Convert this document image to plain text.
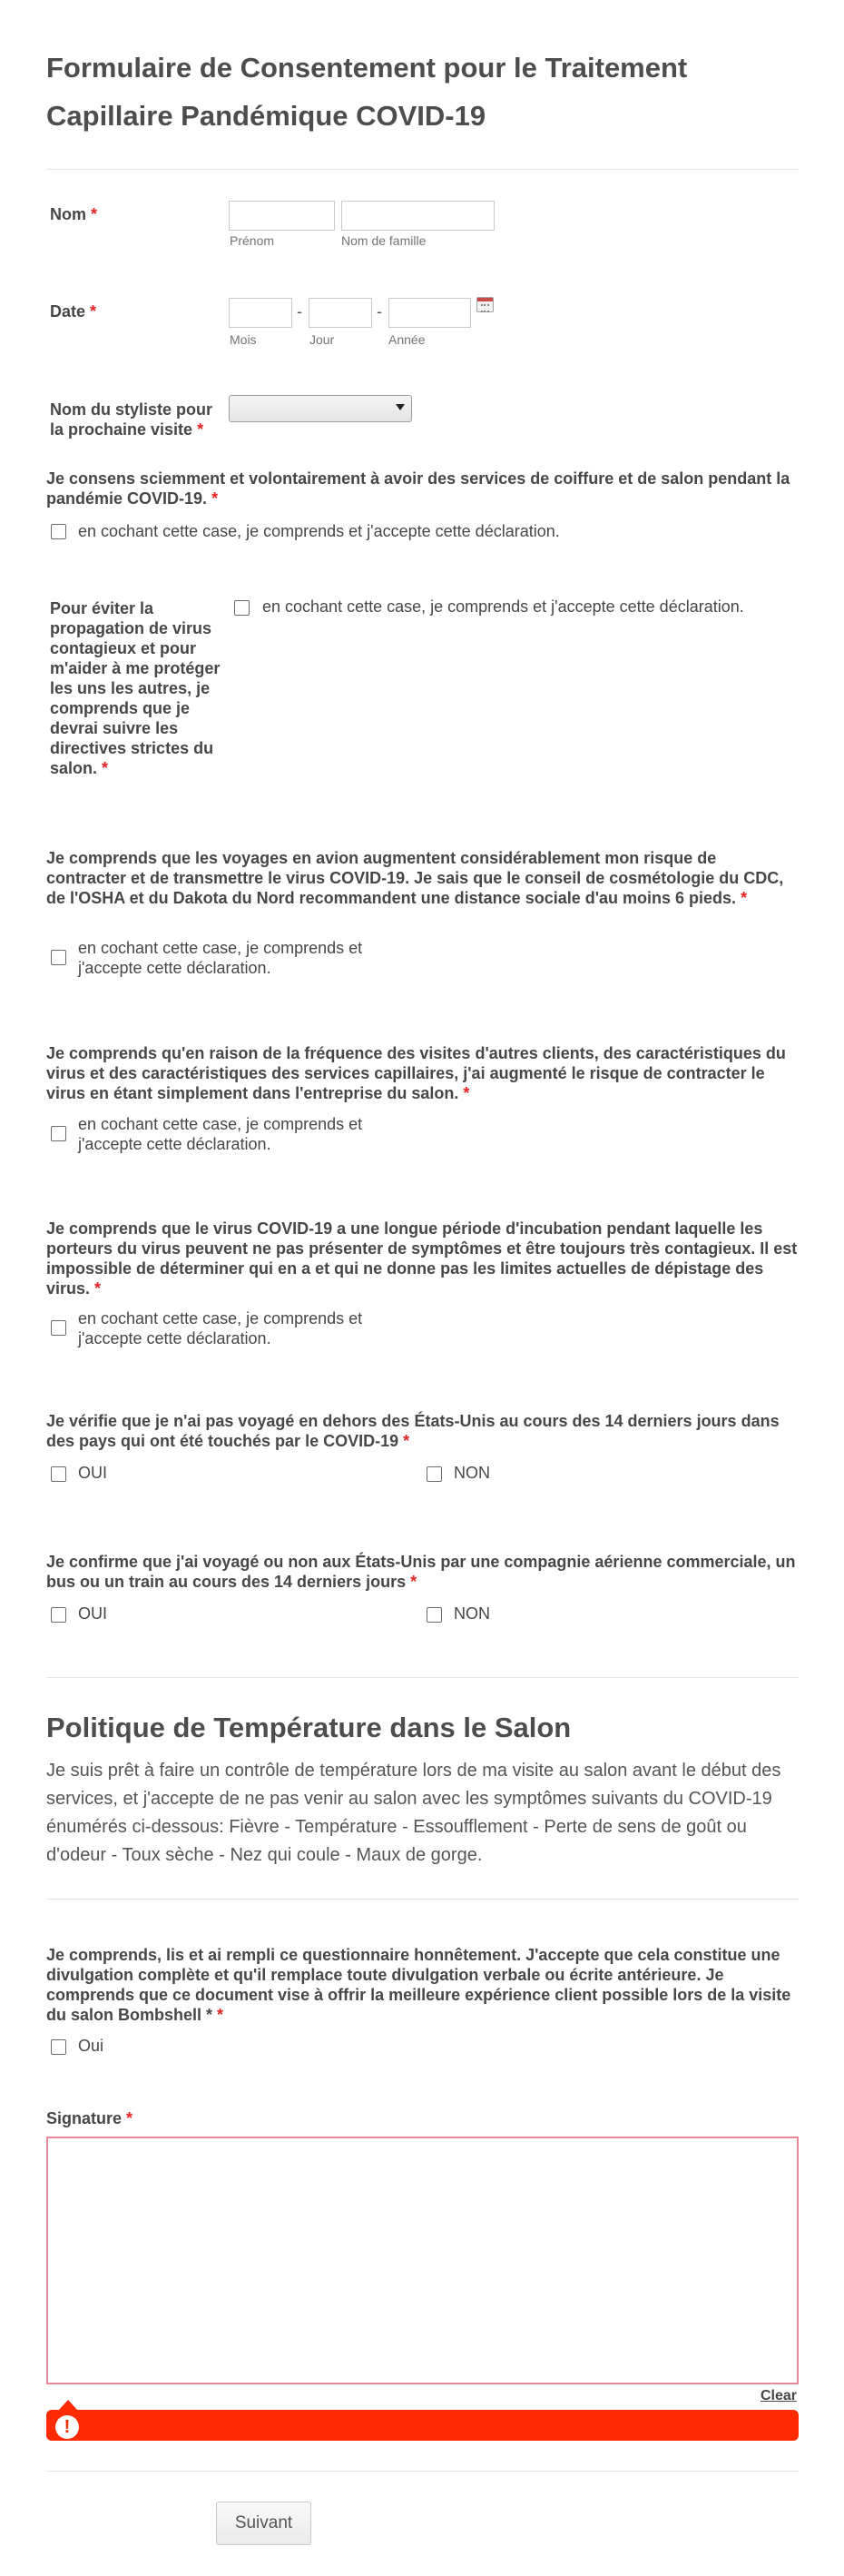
Formulaire de Consentement pour le Traitement Capillaire Pandémique COVID-19
Nom *
Prénom	Nom de famille
Date *	-	-
Mois	Jour	Année
Nom du styliste pour la prochaine visite *
Je consens sciemment et volontairement à avoir des services de coiffure et de salon pendant la pandémie COVID-19. *
en cochant cette case, je comprends et j'accepte cette déclaration.
Pour éviter la propagation de virus contagieux et pour m'aider à me protéger les uns les autres, je comprends que je devrai suivre les directives strictes du salon. *
en cochant cette case, je comprends et j'accepte cette déclaration.
Je comprends que les voyages en avion augmentent considérablement mon risque de contracter et de transmettre le virus COVID-19. Je sais que le conseil de cosmétologie du CDC, de l'OSHA et du Dakota du Nord recommandent une distance sociale d'au moins 6 pieds. *
en cochant cette case, je comprends et
j'accepte cette déclaration.
Je comprends qu'en raison de la fréquence des visites d'autres clients, des caractéristiques du virus et des caractéristiques des services capillaires, j'ai augmenté le risque de contracter le virus en étant simplement dans l'entreprise du salon. *
en cochant cette case, je comprends et
j'accepte cette déclaration.
Je comprends que le virus COVID-19 a une longue période d'incubation pendant laquelle les porteurs du virus peuvent ne pas présenter de symptômes et être toujours très contagieux. Il est impossible de déterminer qui en a et qui ne donne pas les limites actuelles de dépistage des virus. *
en cochant cette case, je comprends et
j'accepte cette déclaration.
Je vérifie que je n'ai pas voyagé en dehors des États-Unis au cours des 14 derniers jours dans des pays qui ont été touchés par le COVID-19 *
OUI	NON
Je confirme que j'ai voyagé ou non aux États-Unis par une compagnie aérienne commerciale, un bus ou un train au cours des 14 derniers jours *
OUI	NON
Politique de Température dans le Salon
Je suis prêt à faire un contrôle de température lors de ma visite au salon avant le début des services, et j'accepte de ne pas venir au salon avec les symptômes suivants du COVID-19 énumérés ci-dessous: Fièvre - Température - Essoufflement - Perte de sens de goût ou d'odeur - Toux sèche - Nez qui coule - Maux de gorge.
Je comprends, lis et ai rempli ce questionnaire honnêtement. J'accepte que cela constitue une divulgation complète et qu'il remplace toute divulgation verbale ou écrite antérieure. Je comprends que ce document vise à offrir la meilleure expérience client possible lors de la visite du salon Bombshell * *
Oui
Signature *
Clear
!
Suivant
